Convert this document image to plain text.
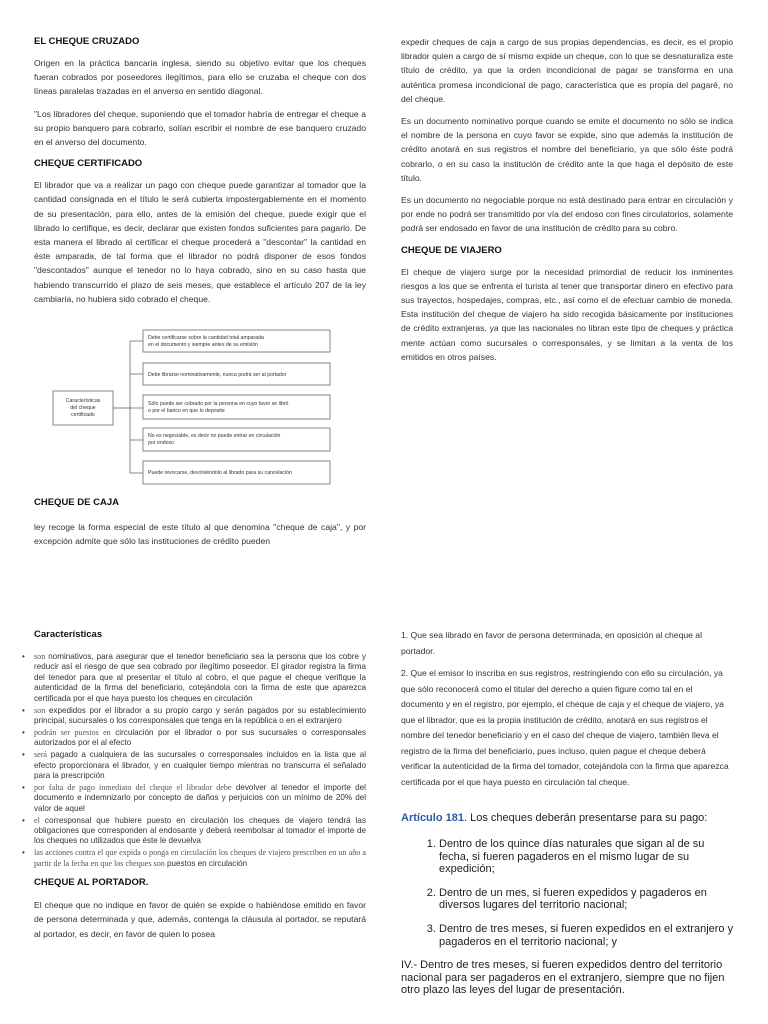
EL CHEQUE CRUZADO

Origen en la práctica bancaria inglesa, siendo su objetivo evitar que los cheques fueran cobrados por poseedores ilegítimos, para ello se cruzaba el cheque con dos líneas paralelas trazadas en el anverso en sentido diagonal.

"Los libradores del cheque, suponiendo que el tomador habría de entregar el cheque a su propio banquero para cobrarlo, solían escribir el nombre de ese banquero cruzado en el anverso del documento.

CHEQUE CERTIFICADO

El librador que va a realizar un pago con cheque puede garantizar al tomador que la cantidad consignada en el título le será cubierta impostergablemente en el momento de su presentación, para ello, antes de la emisión del cheque, puede exigir que el librado lo certifique, es decir, declarar que existen fondos suficientes para pagarlo. De esta manera el librado al certificar el cheque procederá a "descontar" la cantidad en éste amparada, de tal forma que el librador no podrá disponer de esos fondos "descontados" aunque el tenedor no lo haya cobrado, sino en su caso hasta que habiendo transcurrido el plazo de seis meses, que establece el artículo 207 de la ley cambiaria, no hubiera sido cobrado el cheque.

Características
del cheque
certificado
Debe certificarse sobre la cantidad total amparada
en el documento y siempre antes de su emisión
Debe librarse nominativamente, nunca podrá ser al portador
Sólo puede ser cobrado por la persona en cuyo favor se libró
o por el banco en que lo deposite
No es negociable, es decir no puede entrar en circulación
por endoso
Puede revocarse, devolviéndolo al librado para su cancelación
CHEQUE DE CAJA

ley recoge la forma especial de este título al que denomina "cheque de caja", y por excepción admite que sólo las instituciones de crédito pueden

expedir cheques de caja a cargo de sus propias dependencias, es decir, es el propio librador quien a cargo de sí mismo expide un cheque, con lo que se desnaturaliza este título de crédito, ya que la orden incondicional de pagar se transforma en una auténtica promesa incondicional de pago, característica que es propia del pagaré, no del cheque.

Es un documento nominativo porque cuando se emite el documento no sólo se indica el nombre de la persona en cuyo favor se expide, sino que además la institución de crédito anotará en sus registros el nombre del beneficiario, ya que sólo éste podrá cobrarlo, o en su caso la institución de crédito ante la que haga el depósito de este título.

Es un documento no negociable porque no está destinado para entrar en circulación y por ende no podrá ser transmitido por vía del endoso con fines circulatorios, solamente podrá ser endosado en favor de una institución de crédito para su cobro.

CHEQUE DE VIAJERO

El cheque de viajero surge por la necesidad primordial de reducir los inminentes riesgos a los que se enfrenta el turista al tener que transportar dinero en efectivo para sus trayectos, hospedajes, compras, etc., así como el de efectuar cambio de moneda. Esta institución del cheque de viajero ha sido recogida básicamente por instituciones de crédito extranjeras, ya que las nacionales no libran este tipo de cheques y práctica mente actúan como sucursales o corresponsales, y se limitan a la venta de los emitidos en otros países.

Características
• son nominativos, para asegurar que el tenedor beneficiario sea la persona que los cobre y reducir así el riesgo de que sea cobrado por ilegítimo poseedor. El girador registra la firma del tenedor para que al presentar el título al cobro, el que pague el cheque verifique la autenticidad de la firma del beneficiario, cotejándola con la firma de este que aparezca certificada por el que haya puesto los cheques en circulación
• son expedidos por el librador a su propio cargo y serán pagados por su establecimiento principal, sucursales o los corresponsales que tenga en la república o en el extranjero
• podrán ser puestos en circulación por el librador o por sus sucursales o corresponsales autorizados por el al efecto
• será pagado a cualquiera de las sucursales o corresponsales incluidos en la lista que al efecto proporcionara el librador, y en cualquier tiempo mientras no transcurra el señalado para la prescripción
• por falta de pago inmediato del cheque el librador debe devolver al tenedor el importe del documento e indemnizarlo por concepto de daños y perjuicios con un mínimo de 20% del valor de aquel
• el corresponsal que hubiere puesto en circulación los cheques de viajero tendrá las obligaciones que corresponden al endosante y deberá reembolsar al tomador el importe de los cheques no utilizados que éste le devuelva
• las acciones contra el que expida o ponga en circulación los cheques de viajero prescriben en un año a partir de la fecha en que los cheques son puestos en circulación
CHEQUE AL PORTADOR.

El cheque que no indique en favor de quién se expide o habiéndose emitido en favor de persona determinada y que, además, contenga la cláusula al portador, se reputará al portador, es decir, en favor de quien lo posea

1. Que sea librado en favor de persona determinada, en oposición al cheque al portador.

2. Que el emisor lo inscriba en sus registros, restringiendo con ello su circulación, ya que sólo reconocerá como el titular del derecho a quien figure como tal en el documento y en el registro, por ejemplo, el cheque de caja y el cheque de viajero, ya que el librador, que es la propia institución de crédito, anotará en sus registros el nombre del tenedor beneficiario y en el caso del cheque de viajero, también lleva el registro de la firma del beneficiario, pues incluso, quien pague el cheque deberá verificar la autenticidad de la firma del tomador, cotejándola con la firma que aparezca certificada por el que haya puesto en circulación tal cheque.

Artículo 181. Los cheques deberán presentarse para su pago:

1. Dentro de los quince días naturales que sigan al de su fecha, si fueren pagaderos en el mismo lugar de su expedición;
2. Dentro de un mes, si fueren expedidos y pagaderos en diversos lugares del territorio nacional;
3. Dentro de tres meses, si fueren expedidos en el extranjero y pagaderos en el territorio nacional; y

IV.- Dentro de tres meses, si fueren expedidos dentro del territorio nacional para ser pagaderos en el extranjero, siempre que no fijen otro plazo las leyes del lugar de presentación.
